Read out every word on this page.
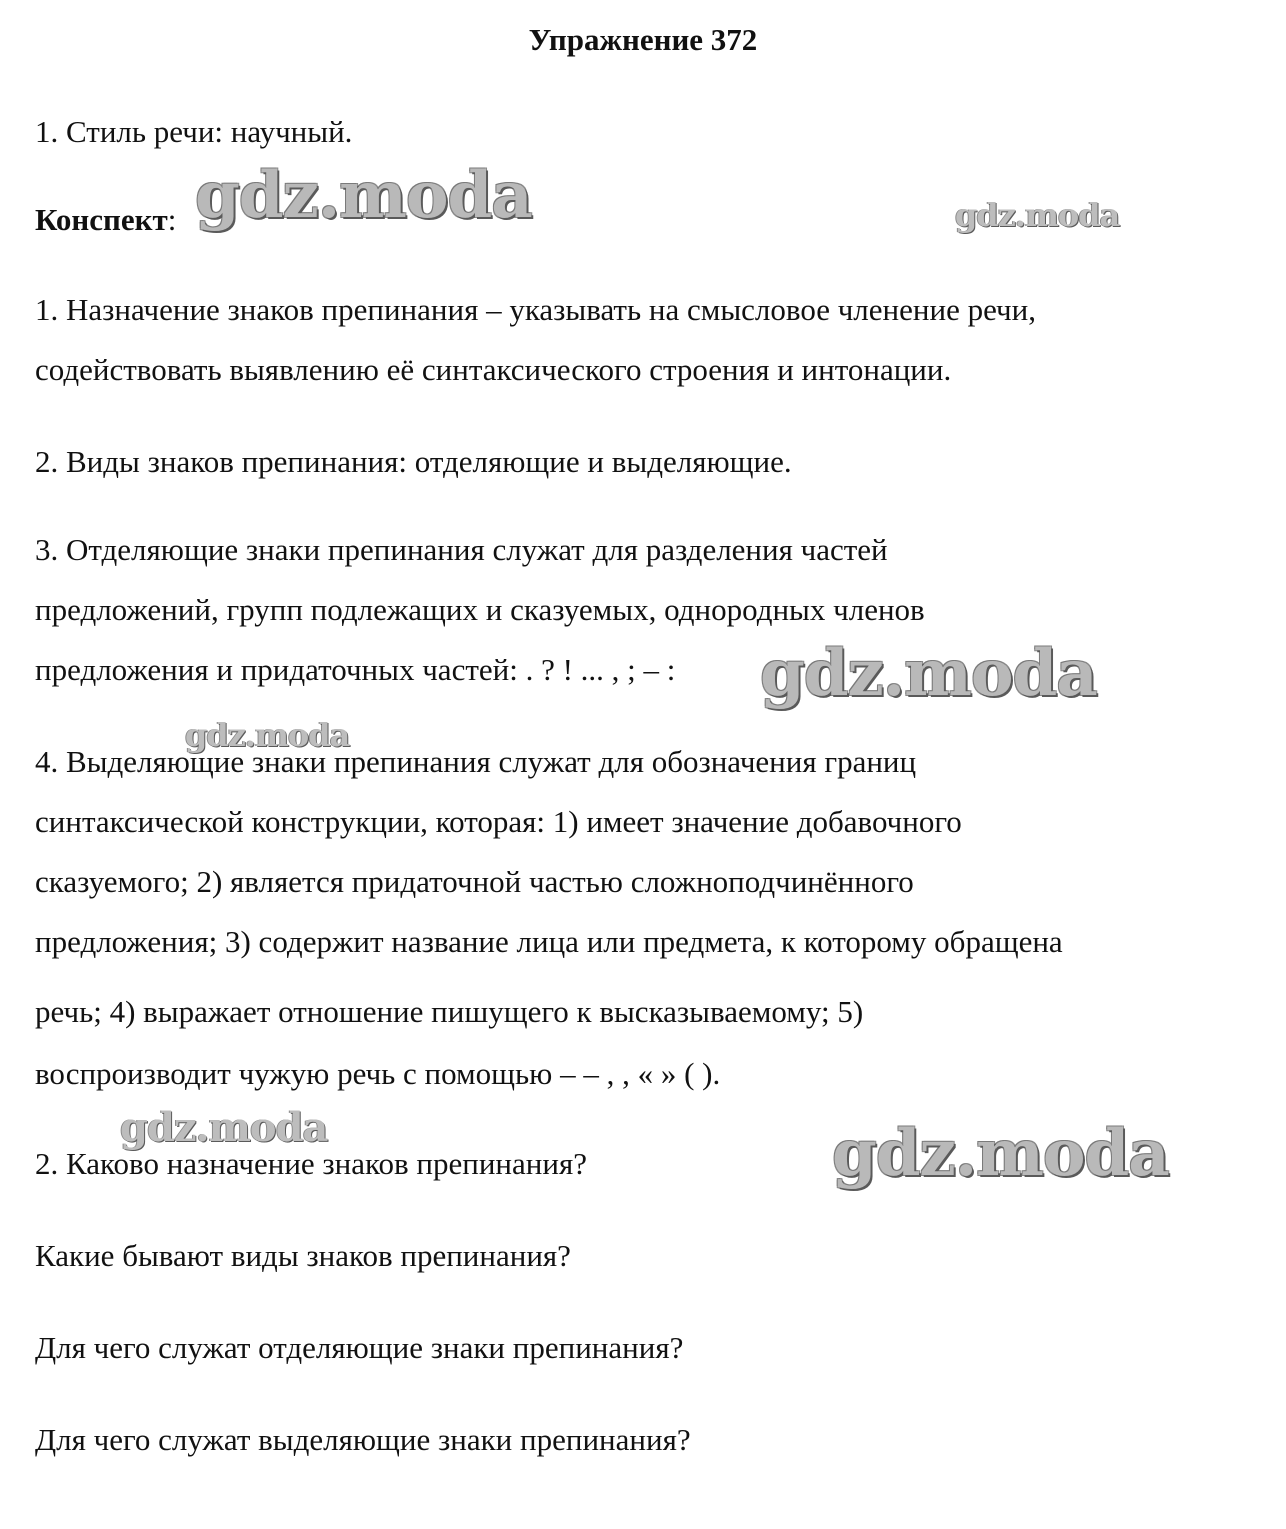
Упражнение 372
1. Стиль речи: научный.
Конспект:
1. Назначение знаков препинания – указывать на смысловое членение речи,
содействовать выявлению её синтаксического строения и интонации.
2. Виды знаков препинания: отделяющие и выделяющие.
3. Отделяющие знаки препинания служат для разделения частей
предложений, групп подлежащих и сказуемых, однородных членов
предложения и придаточных частей: . ? ! ... , ; – :
4. Выделяющие знаки препинания служат для обозначения границ
синтаксической конструкции, которая: 1) имеет значение добавочного
сказуемого; 2) является придаточной частью сложноподчинённого
предложения; 3) содержит название лица или предмета, к которому обращена
речь; 4) выражает отношение пишущего к высказываемому; 5)
воспроизводит чужую речь с помощью – – , , « » ( ).
2. Каково назначение знаков препинания?
Какие бывают виды знаков препинания?
Для чего служат отделяющие знаки препинания?
Для чего служат выделяющие знаки препинания?
gdz.moda	gdz.moda
gdz.moda
gdz.moda
gdz.moda	gdz.moda
